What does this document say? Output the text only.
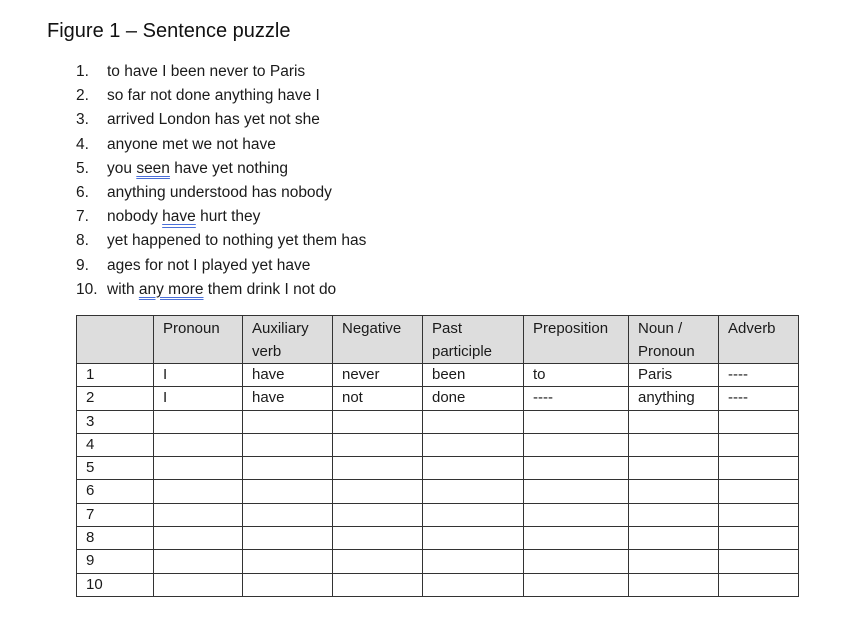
Figure 1 – Sentence puzzle
1. to have I been never to Paris
2. so far not done anything have I
3. arrived London has yet not she
4. anyone met we not have
5. you seen have yet nothing
6. anything understood has nobody
7. nobody have hurt they
8. yet happened to nothing yet them has
9. ages for not I played yet have
10. with any more them drink I not do
	Pronoun	Auxiliary verb	Negative	Past participle	Preposition	Noun / Pronoun	Adverb
1	I	have	never	been	to	Paris	----
2	I	have	not	done	----	anything	----
3							
4							
5							
6							
7							
8							
9							
10							
